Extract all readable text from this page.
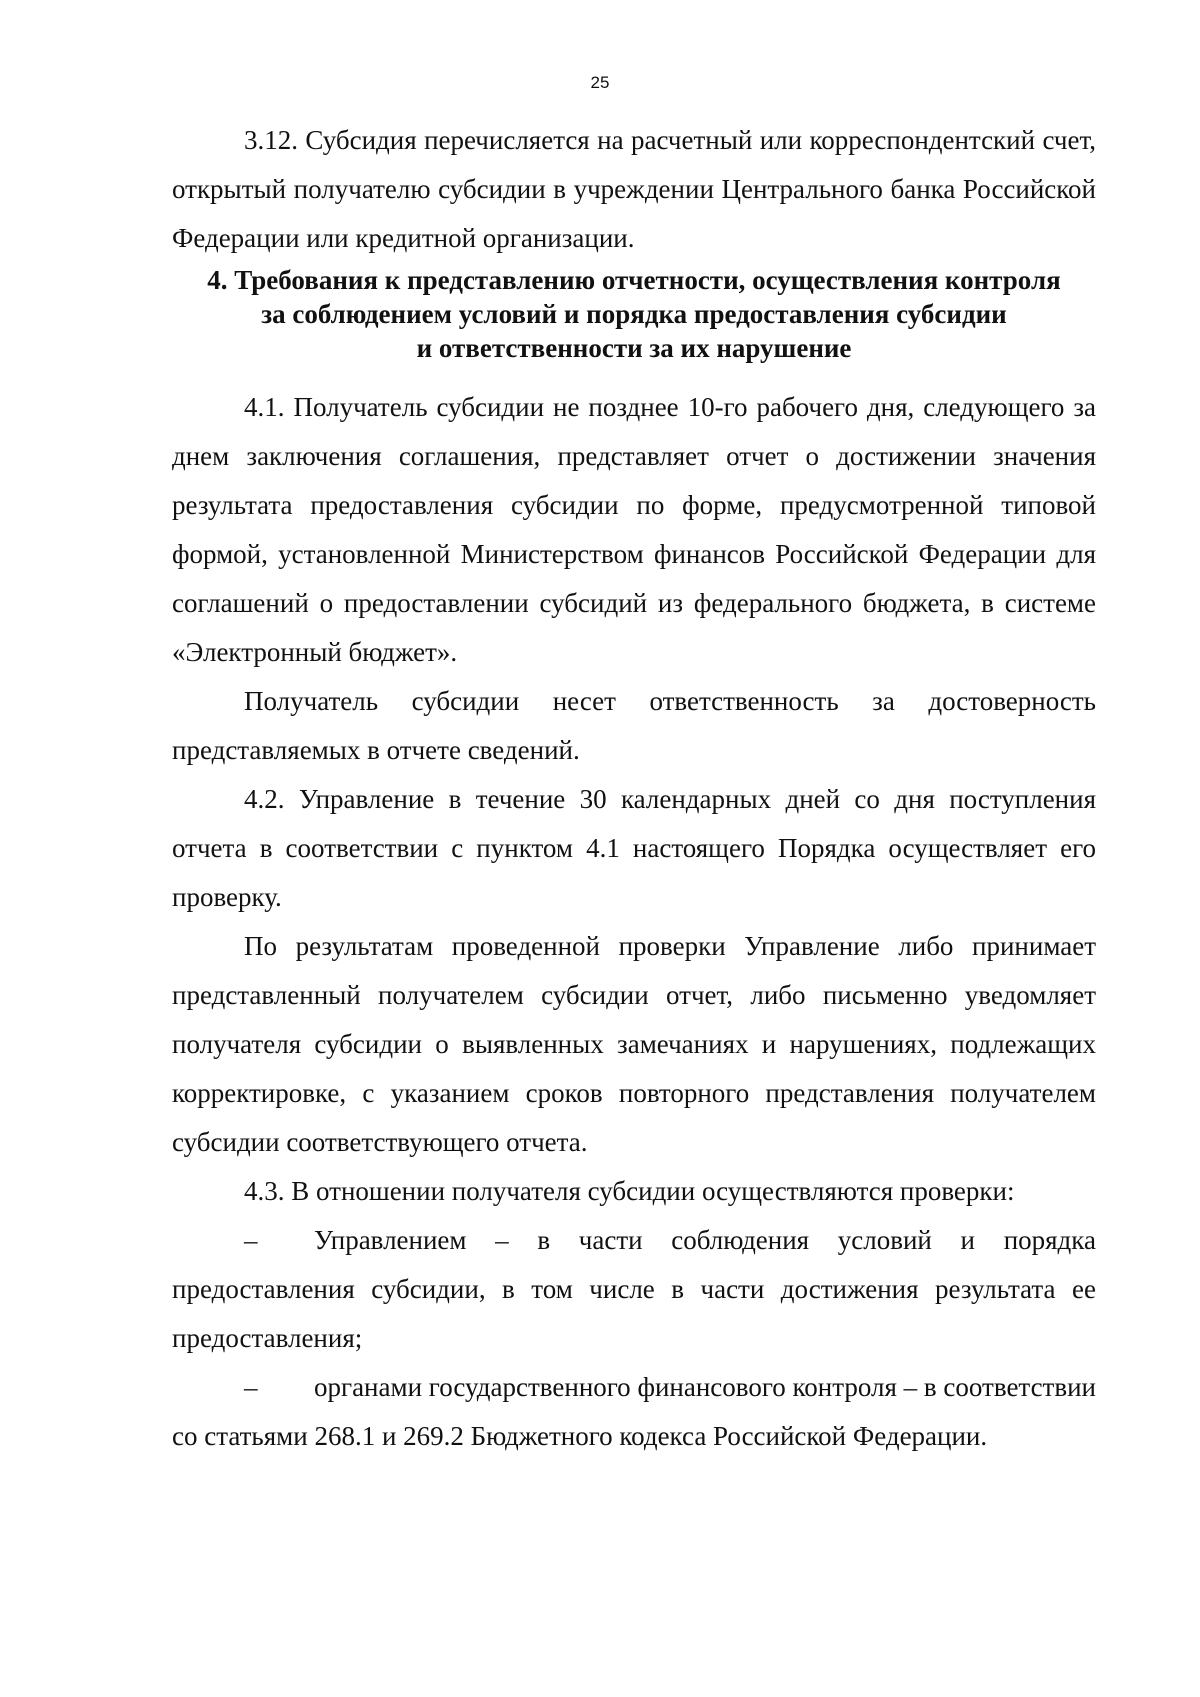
25

3.12. Субсидия перечисляется на расчетный или корреспондентский счет, открытый получателю субсидии в учреждении Центрального банка Российской Федерации или кредитной организации.

4. Требования к представлению отчетности, осуществления контроля

за соблюдением условий и порядка предоставления субсидии

и ответственности за их нарушение

4.1. Получатель субсидии не позднее 10-го рабочего дня, следующего за днем заключения соглашения, представляет отчет о достижении значения результата предоставления субсидии по форме, предусмотренной типовой формой, установленной Министерством финансов Российской Федерации для соглашений о предоставлении субсидий из федерального бюджета, в системе «Электронный бюджет».

Получатель субсидии несет ответственность за достоверность представляемых в отчете сведений.

4.2. Управление в течение 30 календарных дней со дня поступления отчета в соответствии с пунктом 4.1 настоящего Порядка осуществляет его проверку.

По результатам проведенной проверки Управление либо принимает представленный получателем субсидии отчет, либо письменно уведомляет получателя субсидии о выявленных замечаниях и нарушениях, подлежащих корректировке, с указанием сроков повторного представления получателем субсидии соответствующего отчета.

4.3. В отношении получателя субсидии осуществляются проверки:

– Управлением – в части соблюдения условий и порядка предоставления субсидии, в том числе в части достижения результата ее предоставления;

– органами государственного финансового контроля – в соответствии со статьями 268.1 и 269.2 Бюджетного кодекса Российской Федерации.
